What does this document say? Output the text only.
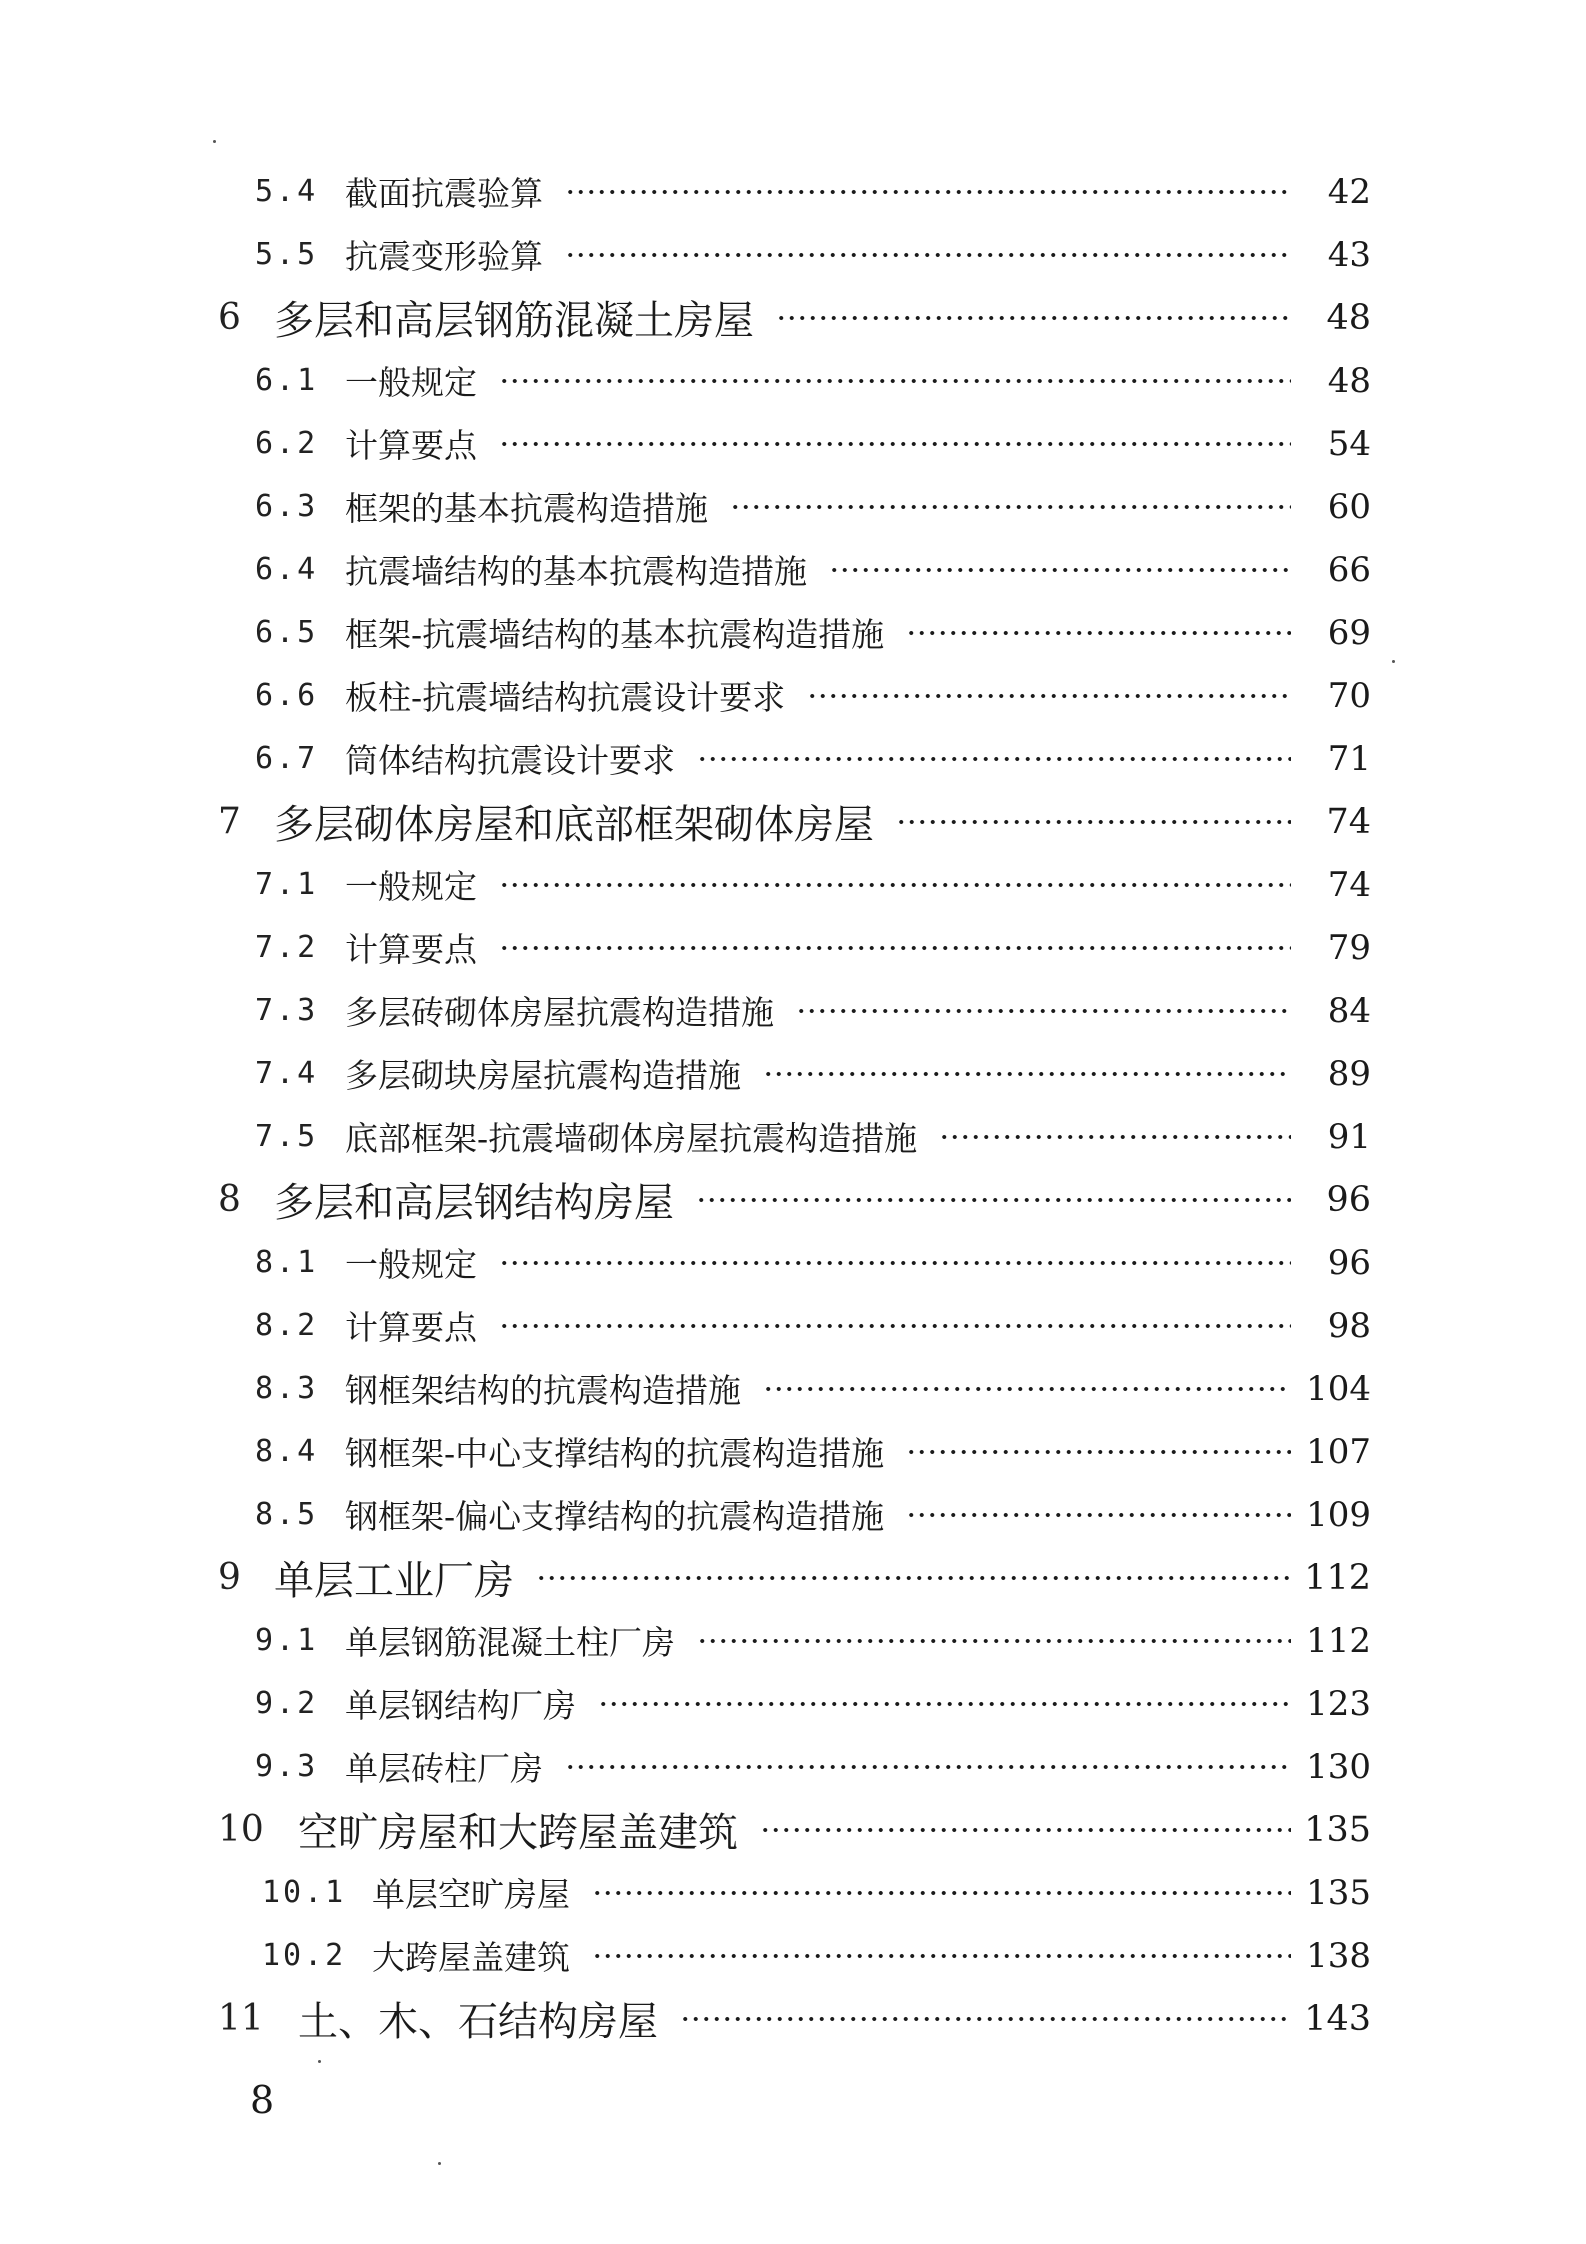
5.4 截面抗震验算	42
5.5 抗震变形验算	43
6 多层和高层钢筋混凝土房屋	48
6.1 一般规定	48
6.2 计算要点	54
6.3 框架的基本抗震构造措施	60
6.4 抗震墙结构的基本抗震构造措施	66
6.5 框架-抗震墙结构的基本抗震构造措施	69
6.6 板柱-抗震墙结构抗震设计要求	70
6.7 筒体结构抗震设计要求	71
7 多层砌体房屋和底部框架砌体房屋	74
7.1 一般规定	74
7.2 计算要点	79
7.3 多层砖砌体房屋抗震构造措施	84
7.4 多层砌块房屋抗震构造措施	89
7.5 底部框架-抗震墙砌体房屋抗震构造措施	91
8 多层和高层钢结构房屋	96
8.1 一般规定	96
8.2 计算要点	98
8.3 钢框架结构的抗震构造措施	104
8.4 钢框架-中心支撑结构的抗震构造措施	107
8.5 钢框架-偏心支撑结构的抗震构造措施	109
9 单层工业厂房	112
9.1 单层钢筋混凝土柱厂房	112
9.2 单层钢结构厂房	123
9.3 单层砖柱厂房	130
10 空旷房屋和大跨屋盖建筑	135
10.1 单层空旷房屋	135
10.2 大跨屋盖建筑	138
11 土、木、石结构房屋	143
8
